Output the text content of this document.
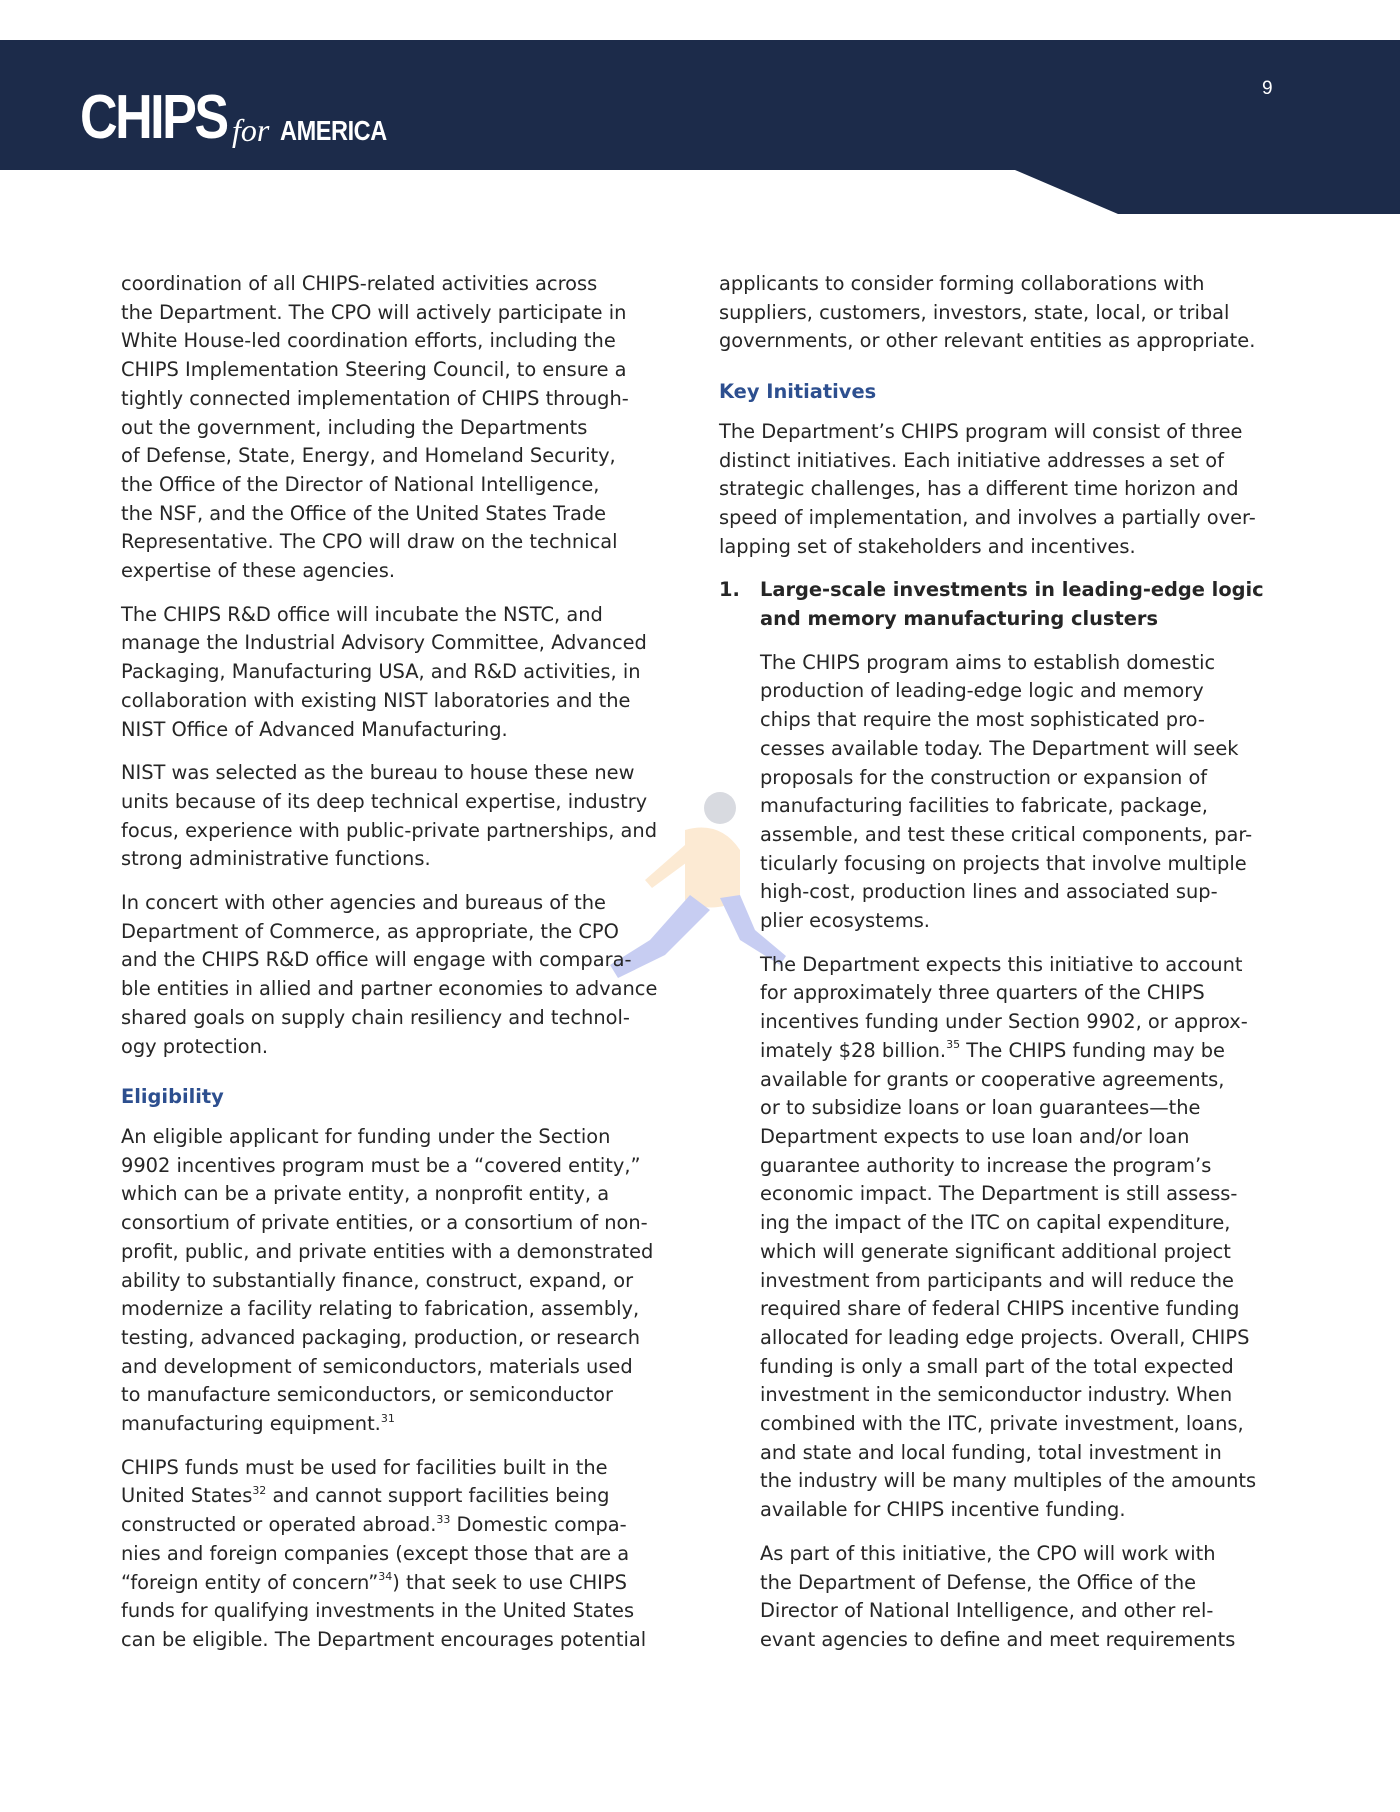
CHIPS for AMERICA
9

coordination of all CHIPS-related activities across
the Department. The CPO will actively participate in
White House-led coordination efforts, including the
CHIPS Implementation Steering Council, to ensure a
tightly connected implementation of CHIPS through-
out the government, including the Departments
of Defense, State, Energy, and Homeland Security,
the Office of the Director of National Intelligence,
the NSF, and the Office of the United States Trade
Representative. The CPO will draw on the technical
expertise of these agencies.

The CHIPS R&D office will incubate the NSTC, and
manage the Industrial Advisory Committee, Advanced
Packaging, Manufacturing USA, and R&D activities, in
collaboration with existing NIST laboratories and the
NIST Office of Advanced Manufacturing.

NIST was selected as the bureau to house these new
units because of its deep technical expertise, industry
focus, experience with public-private partnerships, and
strong administrative functions.

In concert with other agencies and bureaus of the
Department of Commerce, as appropriate, the CPO
and the CHIPS R&D office will engage with compara-
ble entities in allied and partner economies to advance
shared goals on supply chain resiliency and technol-
ogy protection.

Eligibility

An eligible applicant for funding under the Section
9902 incentives program must be a “covered entity,”
which can be a private entity, a nonprofit entity, a
consortium of private entities, or a consortium of non-
profit, public, and private entities with a demonstrated
ability to substantially finance, construct, expand, or
modernize a facility relating to fabrication, assembly,
testing, advanced packaging, production, or research
and development of semiconductors, materials used
to manufacture semiconductors, or semiconductor
manufacturing equipment.$^{31}$

CHIPS funds must be used for facilities built in the
United States$^{32}$ and cannot support facilities being
constructed or operated abroad.$^{33}$ Domestic compa-
nies and foreign companies (except those that are a
“foreign entity of concern”$^{34}$) that seek to use CHIPS
funds for qualifying investments in the United States
can be eligible. The Department encourages potential

applicants to consider forming collaborations with
suppliers, customers, investors, state, local, or tribal
governments, or other relevant entities as appropriate.

Key Initiatives

The Department’s CHIPS program will consist of three
distinct initiatives. Each initiative addresses a set of
strategic challenges, has a different time horizon and
speed of implementation, and involves a partially over-
lapping set of stakeholders and incentives.

1. Large-scale investments in leading-edge logic
and memory manufacturing clusters

The CHIPS program aims to establish domestic
production of leading-edge logic and memory
chips that require the most sophisticated pro-
cesses available today. The Department will seek
proposals for the construction or expansion of
manufacturing facilities to fabricate, package,
assemble, and test these critical components, par-
ticularly focusing on projects that involve multiple
high-cost, production lines and associated sup-
plier ecosystems.

The Department expects this initiative to account
for approximately three quarters of the CHIPS
incentives funding under Section 9902, or approx-
imately $28 billion.$^{35}$ The CHIPS funding may be
available for grants or cooperative agreements,
or to subsidize loans or loan guarantees—the
Department expects to use loan and/or loan
guarantee authority to increase the program’s
economic impact. The Department is still assess-
ing the impact of the ITC on capital expenditure,
which will generate significant additional project
investment from participants and will reduce the
required share of federal CHIPS incentive funding
allocated for leading edge projects. Overall, CHIPS
funding is only a small part of the total expected
investment in the semiconductor industry. When
combined with the ITC, private investment, loans,
and state and local funding, total investment in
the industry will be many multiples of the amounts
available for CHIPS incentive funding.

As part of this initiative, the CPO will work with
the Department of Defense, the Office of the
Director of National Intelligence, and other rel-
evant agencies to define and meet requirements
